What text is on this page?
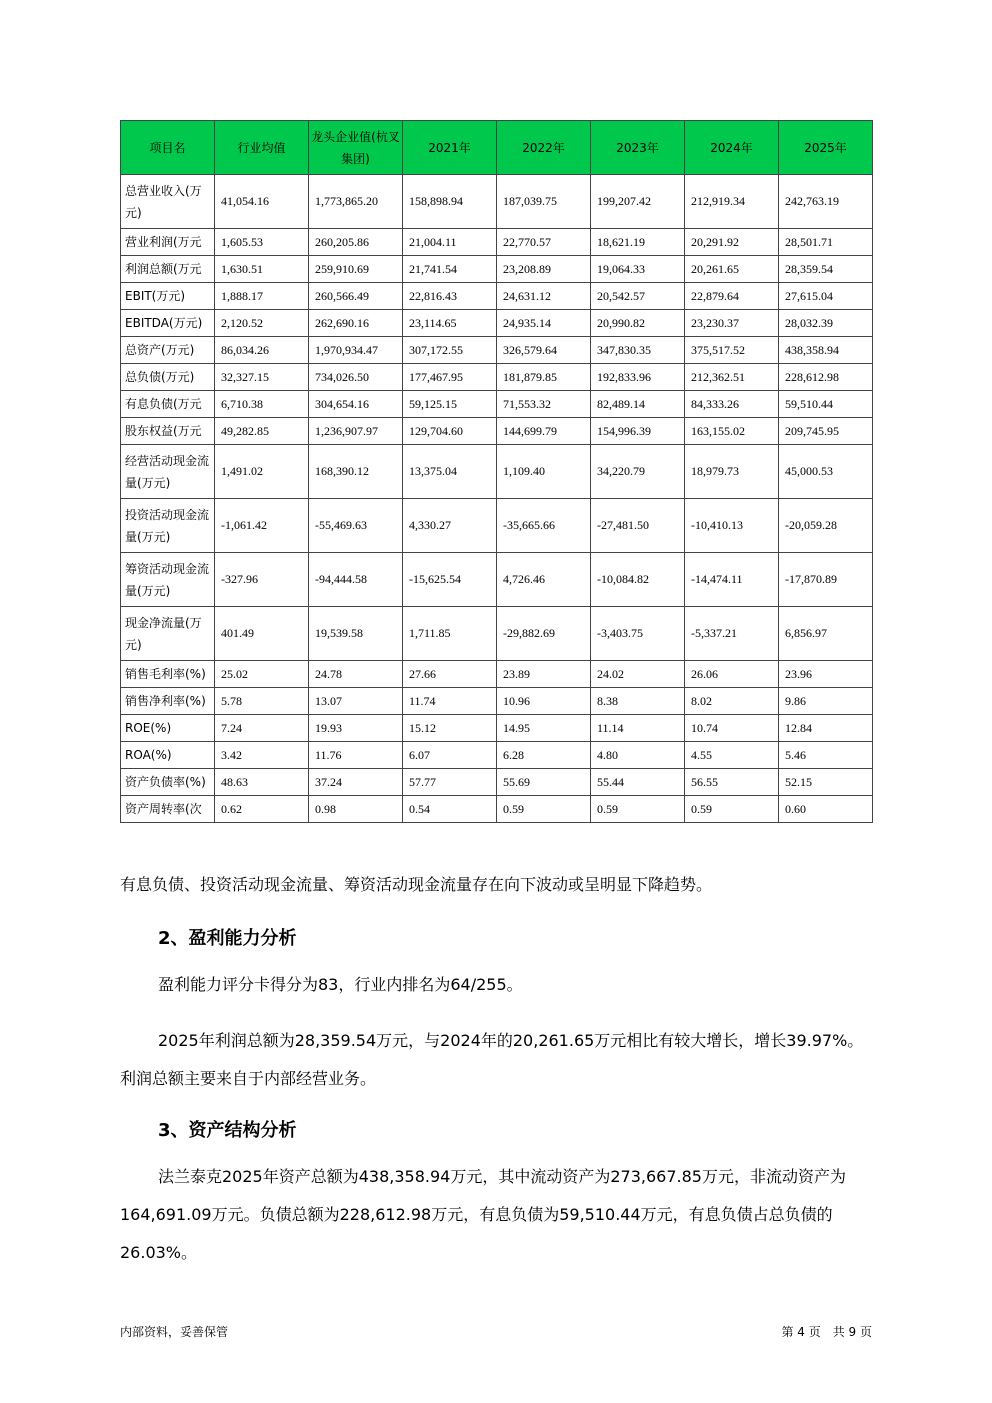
项目名	行业均值	龙头企业值(杭叉集团)	2021年	2022年	2023年	2024年	2025年
总营业收入(万元)	41,054.16	1,773,865.20	158,898.94	187,039.75	199,207.42	212,919.34	242,763.19
营业利润(万元	1,605.53	260,205.86	21,004.11	22,770.57	18,621.19	20,291.92	28,501.71
利润总额(万元	1,630.51	259,910.69	21,741.54	23,208.89	19,064.33	20,261.65	28,359.54
EBIT(万元)	1,888.17	260,566.49	22,816.43	24,631.12	20,542.57	22,879.64	27,615.04
EBITDA(万元)	2,120.52	262,690.16	23,114.65	24,935.14	20,990.82	23,230.37	28,032.39
总资产(万元)	86,034.26	1,970,934.47	307,172.55	326,579.64	347,830.35	375,517.52	438,358.94
总负债(万元)	32,327.15	734,026.50	177,467.95	181,879.85	192,833.96	212,362.51	228,612.98
有息负债(万元	6,710.38	304,654.16	59,125.15	71,553.32	82,489.14	84,333.26	59,510.44
股东权益(万元	49,282.85	1,236,907.97	129,704.60	144,699.79	154,996.39	163,155.02	209,745.95
经营活动现金流量(万元)	1,491.02	168,390.12	13,375.04	1,109.40	34,220.79	18,979.73	45,000.53
投资活动现金流量(万元)	-1,061.42	-55,469.63	4,330.27	-35,665.66	-27,481.50	-10,410.13	-20,059.28
筹资活动现金流量(万元)	-327.96	-94,444.58	-15,625.54	4,726.46	-10,084.82	-14,474.11	-17,870.89
现金净流量(万元)	401.49	19,539.58	1,711.85	-29,882.69	-3,403.75	-5,337.21	6,856.97
销售毛利率(%)	25.02	24.78	27.66	23.89	24.02	26.06	23.96
销售净利率(%)	5.78	13.07	11.74	10.96	8.38	8.02	9.86
ROE(%)	7.24	19.93	15.12	14.95	11.14	10.74	12.84
ROA(%)	3.42	11.76	6.07	6.28	4.80	4.55	5.46
资产负债率(%)	48.63	37.24	57.77	55.69	55.44	56.55	52.15
资产周转率(次	0.62	0.98	0.54	0.59	0.59	0.59	0.60

有息负债、投资活动现金流量、筹资活动现金流量存在向下波动或呈明显下降趋势。

2、盈利能力分析

盈利能力评分卡得分为83，行业内排名为64/255。

2025年利润总额为28,359.54万元，与2024年的20,261.65万元相比有较大增长，增长39.97%。利润总额主要来自于内部经营业务。

3、资产结构分析

法兰泰克2025年资产总额为438,358.94万元，其中流动资产为273,667.85万元，非流动资产为164,691.09万元。负债总额为228,612.98万元，有息负债为59,510.44万元，有息负债占总负债的26.03%。

内部资料，妥善保管	第 4 页　共 9 页
